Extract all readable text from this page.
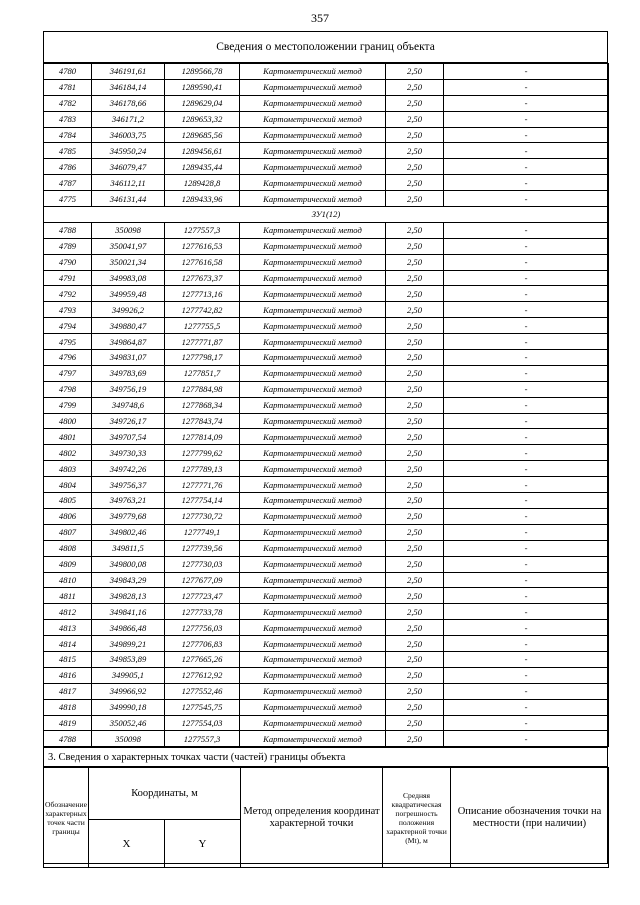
357
Сведения о местоположении границ объекта
4780	346191,61	1289566,78	Картометрический метод	2,50	-
4781	346184,14	1289590,41	Картометрический метод	2,50	-
4782	346178,66	1289629,04	Картометрический метод	2,50	-
4783	346171,2	1289653,32	Картометрический метод	2,50	-
4784	346003,75	1289685,56	Картометрический метод	2,50	-
4785	345950,24	1289456,61	Картометрический метод	2,50	-
4786	346079,47	1289435,44	Картометрический метод	2,50	-
4787	346112,11	1289428,8	Картометрический метод	2,50	-
4775	346131,44	1289433,96	Картометрический метод	2,50	-
ЗУ1(12)					
4788	350098	1277557,3	Картометрический метод	2,50	-
4789	350041,97	1277616,53	Картометрический метод	2,50	-
4790	350021,34	1277616,58	Картометрический метод	2,50	-
4791	349983,08	1277673,37	Картометрический метод	2,50	-
4792	349959,48	1277713,16	Картометрический метод	2,50	-
4793	349926,2	1277742,82	Картометрический метод	2,50	-
4794	349880,47	1277755,5	Картометрический метод	2,50	-
4795	349864,87	1277771,87	Картометрический метод	2,50	-
4796	349831,07	1277798,17	Картометрический метод	2,50	-
4797	349783,69	1277851,7	Картометрический метод	2,50	-
4798	349756,19	1277884,98	Картометрический метод	2,50	-
4799	349748,6	1277868,34	Картометрический метод	2,50	-
4800	349726,17	1277843,74	Картометрический метод	2,50	-
4801	349707,54	1277814,09	Картометрический метод	2,50	-
4802	349730,33	1277799,62	Картометрический метод	2,50	-
4803	349742,26	1277789,13	Картометрический метод	2,50	-
4804	349756,37	1277771,76	Картометрический метод	2,50	-
4805	349763,21	1277754,14	Картометрический метод	2,50	-
4806	349779,68	1277730,72	Картометрический метод	2,50	-
4807	349802,46	1277749,1	Картометрический метод	2,50	-
4808	349811,5	1277739,56	Картометрический метод	2,50	-
4809	349800,08	1277730,03	Картометрический метод	2,50	-
4810	349843,29	1277677,09	Картометрический метод	2,50	-
4811	349828,13	1277723,47	Картометрический метод	2,50	-
4812	349841,16	1277733,78	Картометрический метод	2,50	-
4813	349866,48	1277756,03	Картометрический метод	2,50	-
4814	349899,21	1277706,83	Картометрический метод	2,50	-
4815	349853,89	1277665,26	Картометрический метод	2,50	-
4816	349905,1	1277612,92	Картометрический метод	2,50	-
4817	349966,92	1277552,46	Картометрический метод	2,50	-
4818	349990,18	1277545,75	Картометрический метод	2,50	-
4819	350052,46	1277554,03	Картометрический метод	2,50	-
4788	350098	1277557,3	Картометрический метод	2,50	-
3. Сведения о характерных точках части (частей) границы объекта
Обозначение характерных точек части границы	Координаты, м		Метод определения координат характерной точки	Средняя квадратическая погрешность положения характерной точки (Mt), м	Описание обозначения точки на местности (при наличии)
	X	Y			
